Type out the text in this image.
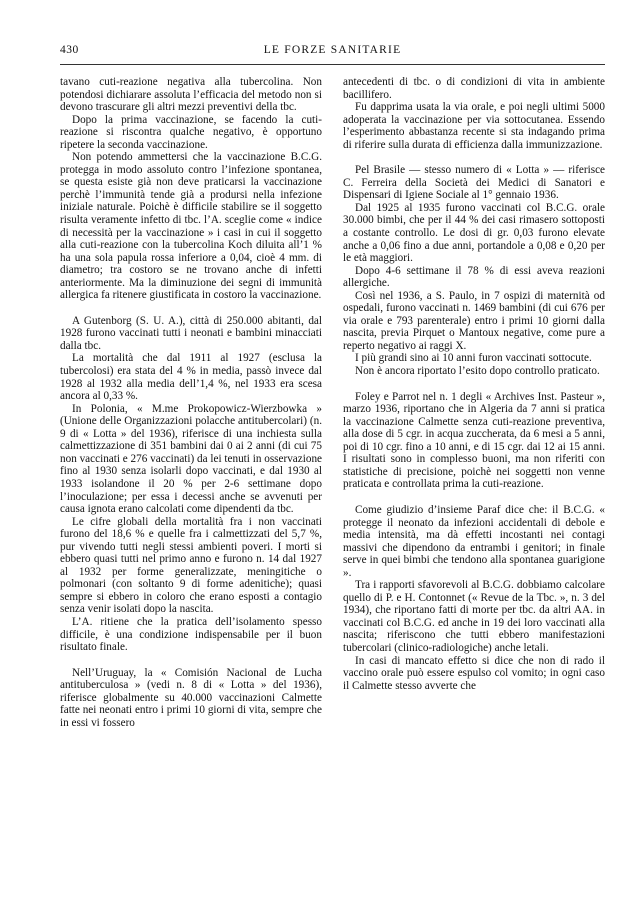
430	LE FORZE SANITARIE

tavano cuti-reazione negativa alla tubercolina. Non potendosi dichiarare assoluta l’efficacia del metodo non si devono trascurare gli altri mezzi preventivi della tbc.

Dopo la prima vaccinazione, se facendo la cuti-reazione si riscontra qualche negativo, è opportuno ripetere la seconda vaccinazione.

Non potendo ammettersi che la vaccinazione B.C.G. protegga in modo assoluto contro l’infezione spontanea, se questa esiste già non deve praticarsi la vaccinazione perchè l’immunità tende già a prodursi nella infezione iniziale naturale. Poichè è difficile stabilire se il soggetto risulta veramente infetto di tbc. l’A. sceglie come « indice di necessità per la vaccinazione » i casi in cui il soggetto alla cuti-reazione con la tubercolina Koch diluita all’1 % ha una sola papula rossa inferiore a 0,04, cioè 4 mm. di diametro; tra costoro se ne trovano anche di infetti anteriormente. Ma la diminuzione dei segni di immunità allergica fa ritenere giustificata in costoro la vaccinazione.

A Gutenborg (S. U. A.), città di 250.000 abitanti, dal 1928 furono vaccinati tutti i neonati e bambini minacciati dalla tbc.

La mortalità che dal 1911 al 1927 (esclusa la tubercolosi) era stata del 4 % in media, passò invece dal 1928 al 1932 alla media dell’1,4 %, nel 1933 era scesa ancora al 0,33 %.

In Polonia, « M.me Prokopowicz-Wierzbowka » (Unione delle Organizzazioni polacche antitubercolari) (n. 9 di « Lotta » del 1936), riferisce di una inchiesta sulla calmettizzazione di 351 bambini dai 0 ai 2 anni (di cui 75 non vaccinati e 276 vaccinati) da lei tenuti in osservazione fino al 1930 senza isolarli dopo vaccinati, e dal 1930 al 1933 isolandone il 20 % per 2-6 settimane dopo l’inoculazione; per essa i decessi anche se avvenuti per causa ignota erano calcolati come dipendenti da tbc.

Le cifre globali della mortalità fra i non vaccinati furono del 18,6 % e quelle fra i calmettizzati del 5,7 %, pur vivendo tutti negli stessi ambienti poveri. I morti si ebbero quasi tutti nel primo anno e furono n. 14 dal 1927 al 1932 per forme generalizzate, meningitiche o polmonari (con soltanto 9 di forme adenitiche); quasi sempre si ebbero in coloro che erano esposti a contagio senza venir isolati dopo la nascita.

L’A. ritiene che la pratica dell’isolamento spesso difficile, è una condizione indispensabile per il buon risultato finale.

Nell’Uruguay, la « Comisión Nacional de Lucha antituberculosa » (vedi n. 8 di « Lotta » del 1936), riferisce globalmente su 40.000 vaccinazioni Calmette fatte nei neonati entro i primi 10 giorni di vita, sempre che in essi vi fossero

antecedenti di tbc. o di condizioni di vita in ambiente bacillifero.

Fu dapprima usata la via orale, e poi negli ultimi 5000 adoperata la vaccinazione per via sottocutanea. Essendo l’esperimento abbastanza recente si sta indagando prima di riferire sulla durata di efficienza dalla immunizzazione.

Pel Brasile — stesso numero di « Lotta » — riferisce C. Ferreira della Società dei Medici di Sanatori e Dispensari di Igiene Sociale al 1° gennaio 1936.

Dal 1925 al 1935 furono vaccinati col B.C.G. orale 30.000 bimbi, che per il 44 % dei casi rimasero sottoposti a costante controllo. Le dosi di gr. 0,03 furono elevate anche a 0,06 fino a due anni, portandole a 0,08 e 0,20 per le età maggiori.

Dopo 4-6 settimane il 78 % di essi aveva reazioni allergiche.

Così nel 1936, a S. Paulo, in 7 ospizi di maternità od ospedali, furono vaccinati n. 1469 bambini (di cui 676 per via orale e 793 parenterale) entro i primi 10 giorni dalla nascita, previa Pirquet o Mantoux negative, come pure a reperto negativo ai raggi X.

I più grandi sino ai 10 anni furon vaccinati sottocute.

Non è ancora riportato l’esito dopo controllo praticato.

Foley e Parrot nel n. 1 degli « Archives Inst. Pasteur », marzo 1936, riportano che in Algeria da 7 anni si pratica la vaccinazione Calmette senza cuti-reazione preventiva, alla dose di 5 cgr. in acqua zuccherata, da 6 mesi a 5 anni, poi di 10 cgr. fino a 10 anni, e di 15 cgr. dai 12 ai 15 anni. I risultati sono in complesso buoni, ma non riferiti con statistiche di precisione, poichè nei soggetti non venne praticata e controllata prima la cuti-reazione.

Come giudizio d’insieme Paraf dice che: il B.C.G. « protegge il neonato da infezioni accidentali di debole e media intensità, ma dà effetti incostanti nei contagi massivi che dipendono da entrambi i genitori; in finale serve in quei bimbi che tendono alla spontanea guarigione ».

Tra i rapporti sfavorevoli al B.C.G. dobbiamo calcolare quello di P. e H. Contonnet (« Revue de la Tbc. », n. 3 del 1934), che riportano fatti di morte per tbc. da altri AA. in vaccinati col B.C.G. ed anche in 19 dei loro vaccinati alla nascita; riferiscono che tutti ebbero manifestazioni tubercolari (clinico-radiologiche) anche letali.

In casi di mancato effetto si dice che non di rado il vaccino orale può essere espulso col vomito; in ogni caso il Calmette stesso avverte che
